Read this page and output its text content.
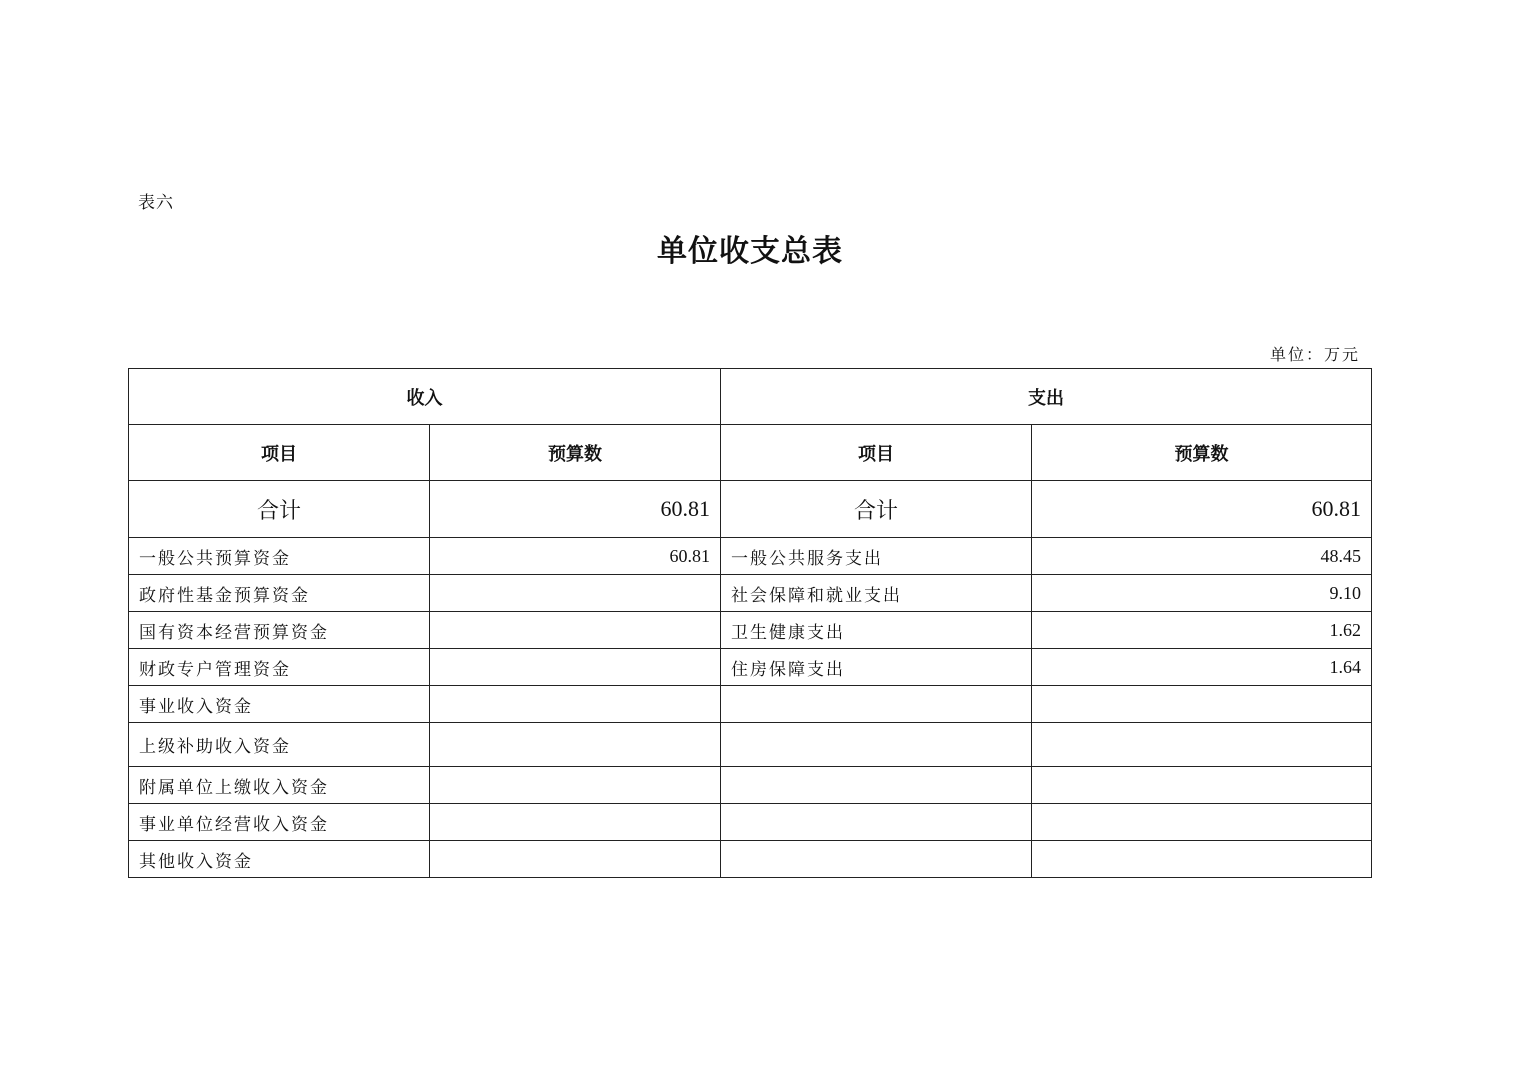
表六
单位收支总表
单位：万元
收入		支出	
项目	预算数	项目	预算数
合计	60.81	合计	60.81
一般公共预算资金	60.81	一般公共服务支出	48.45
政府性基金预算资金		社会保障和就业支出	9.10
国有资本经营预算资金		卫生健康支出	1.62
财政专户管理资金		住房保障支出	1.64
事业收入资金			
上级补助收入资金			
附属单位上缴收入资金			
事业单位经营收入资金			
其他收入资金			
